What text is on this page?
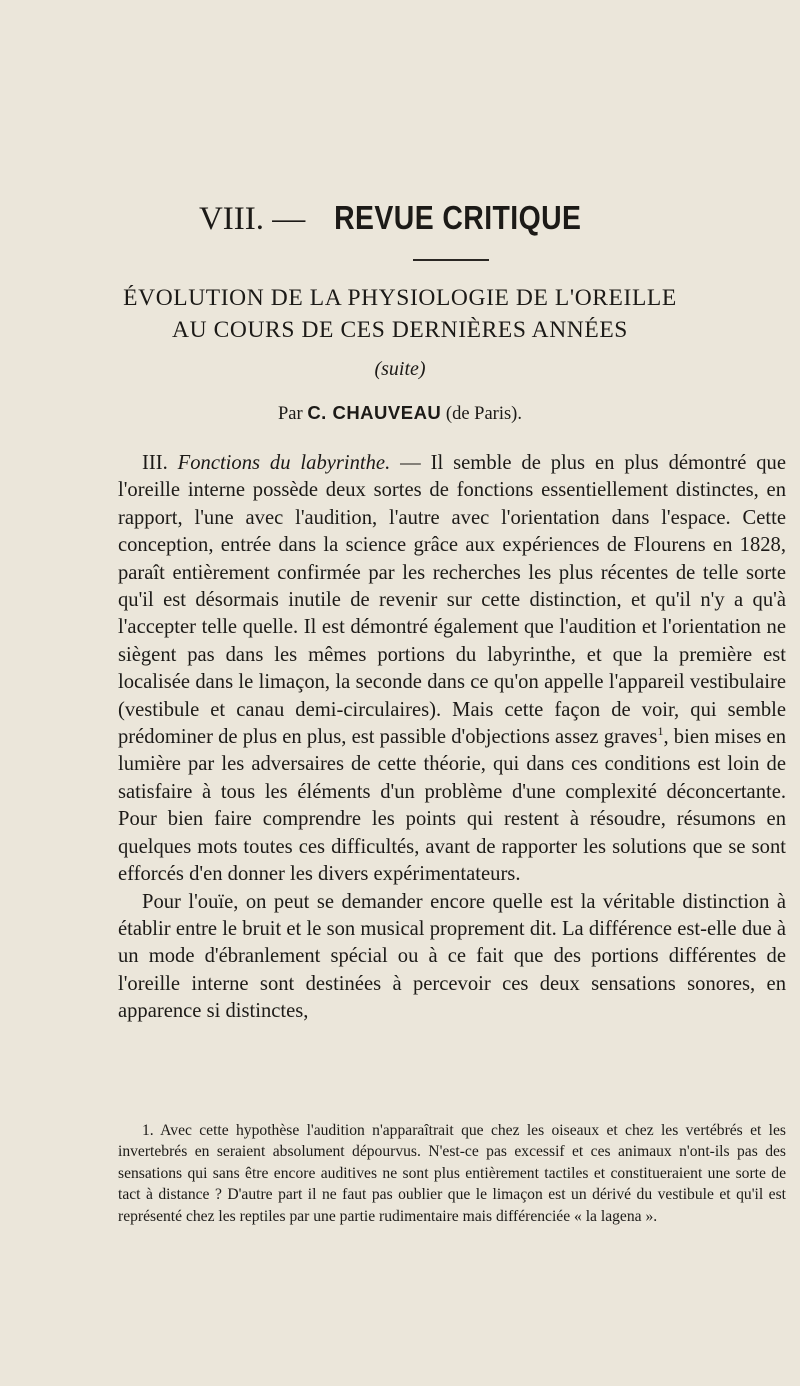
VIII. — REVUE CRITIQUE
ÉVOLUTION DE LA PHYSIOLOGIE DE L'OREILLE
AU COURS DE CES DERNIÈRES ANNÉES
(suite)
Par C. CHAUVEAU (de Paris).

III. Fonctions du labyrinthe. — Il semble de plus en plus démontré que l'oreille interne possède deux sortes de fonctions essentiellement distinctes, en rapport, l'une avec l'audition, l'autre avec l'orientation dans l'espace. Cette conception, entrée dans la science grâce aux expériences de Flourens en 1828, paraît entièrement confirmée par les recherches les plus récentes de telle sorte qu'il est désormais inutile de revenir sur cette distinction, et qu'il n'y a qu'à l'accepter telle quelle. Il est démontré également que l'audition et l'orientation ne siègent pas dans les mêmes portions du labyrinthe, et que la première est localisée dans le limaçon, la seconde dans ce qu'on appelle l'appareil vestibulaire (vestibule et canau demi-circulaires). Mais cette façon de voir, qui semble prédominer de plus en plus, est passible d'objections assez graves$^1$, bien mises en lumière par les adversaires de cette théorie, qui dans ces conditions est loin de satisfaire à tous les éléments d'un problème d'une complexité déconcertante. Pour bien faire comprendre les points qui restent à résoudre, résumons en quelques mots toutes ces difficultés, avant de rapporter les solutions que se sont efforcés d'en donner les divers expérimentateurs.

Pour l'ouïe, on peut se demander encore quelle est la véritable distinction à établir entre le bruit et le son musical proprement dit. La différence est-elle due à un mode d'ébranlement spécial ou à ce fait que des portions différentes de l'oreille interne sont destinées à percevoir ces deux sensations sonores, en apparence si distinctes,

1. Avec cette hypothèse l'audition n'apparaîtrait que chez les oiseaux et chez les vertébrés et les invertebrés en seraient absolument dépourvus. N'est-ce pas excessif et ces animaux n'ont-ils pas des sensations qui sans être encore auditives ne sont plus entièrement tactiles et constitueraient une sorte de tact à distance ? D'autre part il ne faut pas oublier que le limaçon est un dérivé du vestibule et qu'il est représenté chez les reptiles par une partie rudimentaire mais différenciée « la lagena ».
